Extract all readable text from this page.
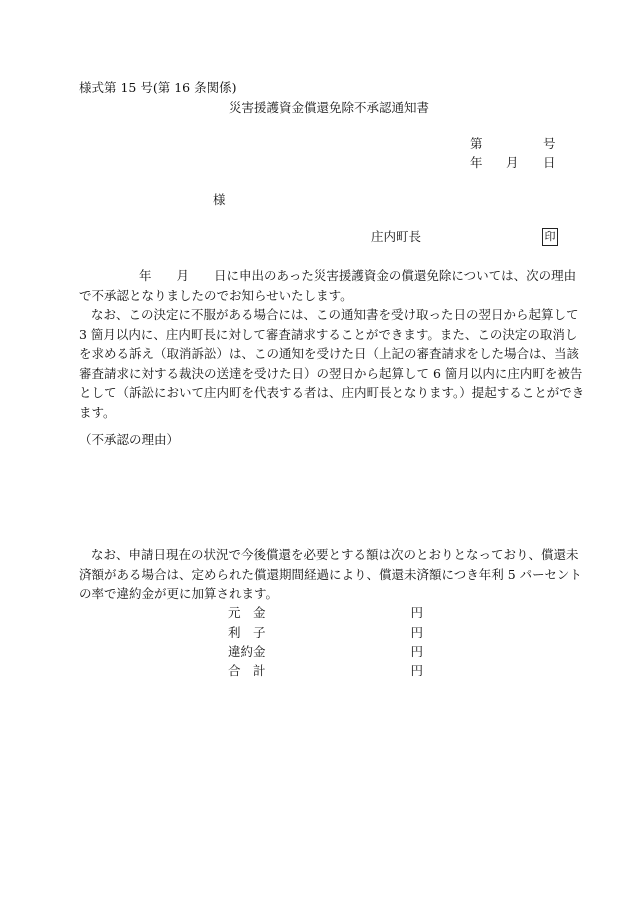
様式第 15 号(第 16 条関係)
災害援護資金償還免除不承認通知書
第	号
年 月 日
様
庄内町長	印
年　　月　　日に申出のあった災害援護資金の償還免除については、次の理由
で不承認となりましたのでお知らせいたします。
なお、この決定に不服がある場合には、この通知書を受け取った日の翌日から起算して
3 箇月以内に、庄内町長に対して審査請求することができます。また、この決定の取消し
を求める訴え（取消訴訟）は、この通知を受けた日（上記の審査請求をした場合は、当該
審査請求に対する裁決の送達を受けた日）の翌日から起算して 6 箇月以内に庄内町を被告
として（訴訟において庄内町を代表する者は、庄内町長となります。）提起することができ
ます。
（不承認の理由）
なお、申請日現在の状況で今後償還を必要とする額は次のとおりとなっており、償還未
済額がある場合は、定められた償還期間経過により、償還未済額につき年利 5 パーセント
の率で違約金が更に加算されます。
元　金	円
利　子	円
違約金	円
合　計	円
